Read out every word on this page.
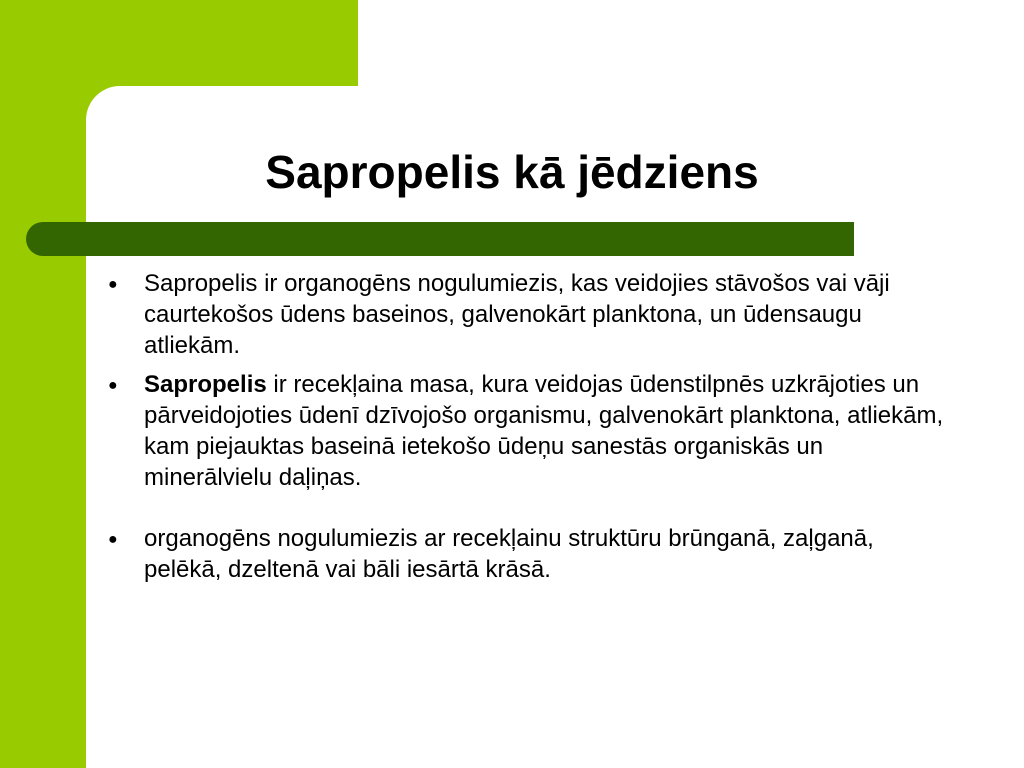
Sapropelis kā jēdziens
● Sapropelis ir organogēns nogulumiezis, kas veidojies stāvošos vai vāji caurtekošos ūdens baseinos, galvenokārt planktona, un ūdensaugu atliekām.
● Sapropelis ir recekļaina masa, kura veidojas ūdenstilpnēs uzkrājoties un pārveidojoties ūdenī dzīvojošo organismu, galvenokārt planktona, atliekām, kam piejauktas baseinā ietekošo ūdeņu sanestās organiskās un minerālvielu daļiņas.
● organogēns nogulumiezis ar recekļainu struktūru brūnganā, zaļganā, pelēkā, dzeltenā vai bāli iesārtā krāsā.
